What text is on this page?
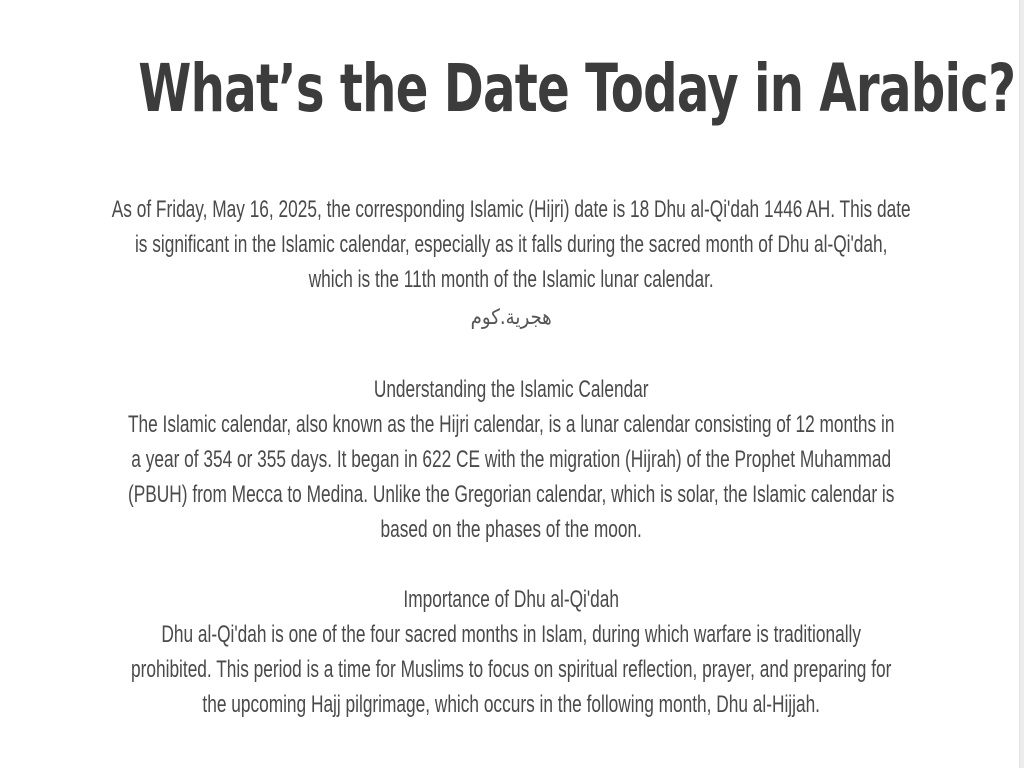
What’s the Date Today in Arabic?

As of Friday, May 16, 2025, the corresponding Islamic (Hijri) date is 18 Dhu al-Qi'dah 1446 AH. This date
is significant in the Islamic calendar, especially as it falls during the sacred month of Dhu al-Qi'dah,
which is the 11th month of the Islamic lunar calendar.

هجرية.كوم
Understanding the Islamic Calendar

The Islamic calendar, also known as the Hijri calendar, is a lunar calendar consisting of 12 months in
a year of 354 or 355 days. It began in 622 CE with the migration (Hijrah) of the Prophet Muhammad
(PBUH) from Mecca to Medina. Unlike the Gregorian calendar, which is solar, the Islamic calendar is
based on the phases of the moon.

Importance of Dhu al-Qi'dah

Dhu al-Qi'dah is one of the four sacred months in Islam, during which warfare is traditionally
prohibited. This period is a time for Muslims to focus on spiritual reflection, prayer, and preparing for
the upcoming Hajj pilgrimage, which occurs in the following month, Dhu al-Hijjah.
